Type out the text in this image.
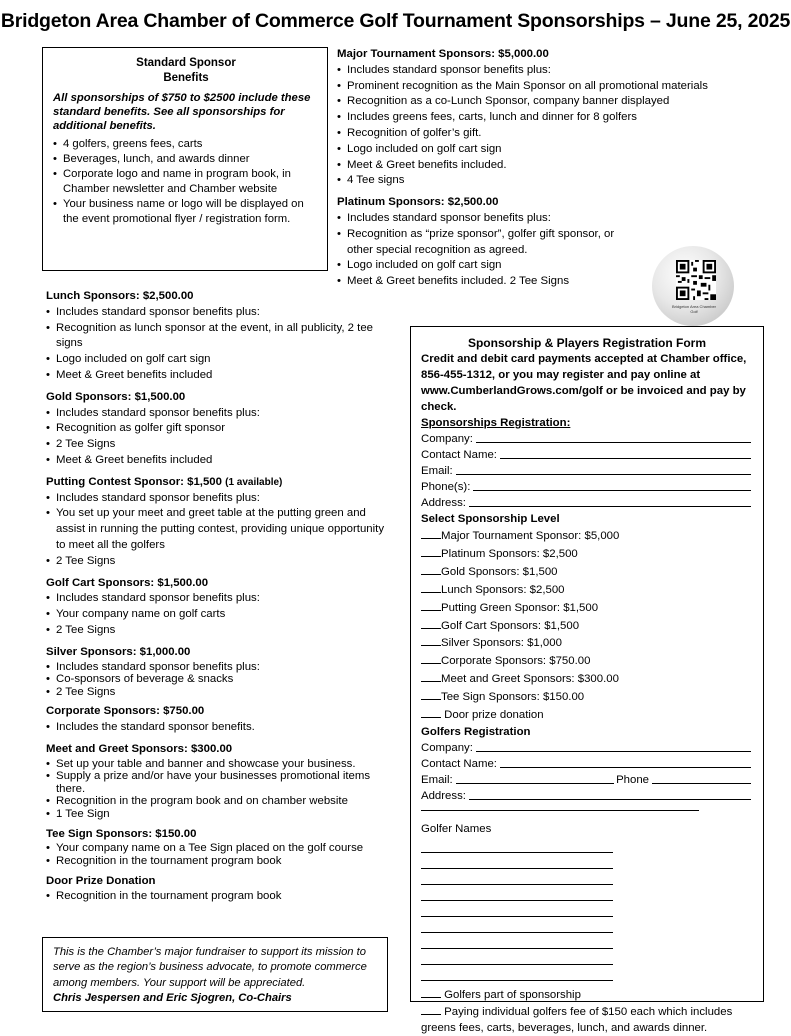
Bridgeton Area Chamber of Commerce Golf Tournament Sponsorships – June 25, 2025
Standard Sponsor
Benefits
All sponsorships of $750 to $2500 include these standard benefits. See all sponsorships for additional benefits.
• 4 golfers, greens fees, carts
• Beverages, lunch, and awards dinner
• Corporate logo and name in program book, in Chamber newsletter and Chamber website
• Your business name or logo will be displayed on the event promotional flyer / registration form.
Major Tournament Sponsors: $5,000.00
• Includes standard sponsor benefits plus:
• Prominent recognition as the Main Sponsor on all promotional materials
• Recognition as a co-Lunch Sponsor, company banner displayed
• Includes greens fees, carts, lunch and dinner for 8 golfers
• Recognition of golfer’s gift.
• Logo included on golf cart sign
• Meet & Greet benefits included.
• 4 Tee signs
Platinum Sponsors: $2,500.00
• Includes standard sponsor benefits plus:
• Recognition as “prize sponsor”, golfer gift sponsor, or other special recognition as agreed.
• Logo included on golf cart sign
• Meet & Greet benefits included. 2 Tee Signs
Bridgeton Area Chamber Golf
Lunch Sponsors: $2,500.00
• Includes standard sponsor benefits plus:
• Recognition as lunch sponsor at the event, in all publicity, 2 tee signs
• Logo included on golf cart sign
• Meet & Greet benefits included
Gold Sponsors: $1,500.00
• Includes standard sponsor benefits plus:
• Recognition as golfer gift sponsor
• 2 Tee Signs
• Meet & Greet benefits included
Putting Contest Sponsor: $1,500 (1 available)
• Includes standard sponsor benefits plus:
• You set up your meet and greet table at the putting green and assist in running the putting contest, providing unique opportunity to meet all the golfers
• 2 Tee Signs
Golf Cart Sponsors: $1,500.00
• Includes standard sponsor benefits plus:
• Your company name on golf carts
• 2 Tee Signs
Silver Sponsors: $1,000.00
• Includes standard sponsor benefits plus:
• Co-sponsors of beverage & snacks
• 2 Tee Signs
Corporate Sponsors: $750.00
• Includes the standard sponsor benefits.
Meet and Greet Sponsors: $300.00
• Set up your table and banner and showcase your business.
• Supply a prize and/or have your businesses promotional items there.
• Recognition in the program book and on chamber website
• 1 Tee Sign
Tee Sign Sponsors: $150.00
• Your company name on a Tee Sign placed on the golf course
• Recognition in the tournament program book
Door Prize Donation
• Recognition in the tournament program book
Sponsorship & Players Registration Form
Credit and debit card payments accepted at Chamber office, 856-455-1312, or you may register and pay online at www.CumberlandGrows.com/golf or be invoiced and pay by check.
Sponsorships Registration:
Company:
Contact Name:
Email:
Phone(s):
Address:
Select Sponsorship Level
Major Tournament Sponsor: $5,000
Platinum Sponsors: $2,500
Gold Sponsors: $1,500
Lunch Sponsors: $2,500
Putting Green Sponsor: $1,500
Golf Cart Sponsors: $1,500
Silver Sponsors: $1,000
Corporate Sponsors: $750.00
Meet and Greet Sponsors: $300.00
Tee Sign Sponsors: $150.00
Door prize donation
Golfers Registration
Company:
Contact Name:
Email:	Phone
Address:
Golfer Names
Golfers part of sponsorship
Paying individual golfers fee of $150 each which includes greens fees, carts, beverages, lunch, and awards dinner.
This is the Chamber’s major fundraiser to support its mission to serve as the region’s business advocate, to promote commerce among members. Your support will be appreciated.
Chris Jespersen and Eric Sjogren, Co-Chairs
